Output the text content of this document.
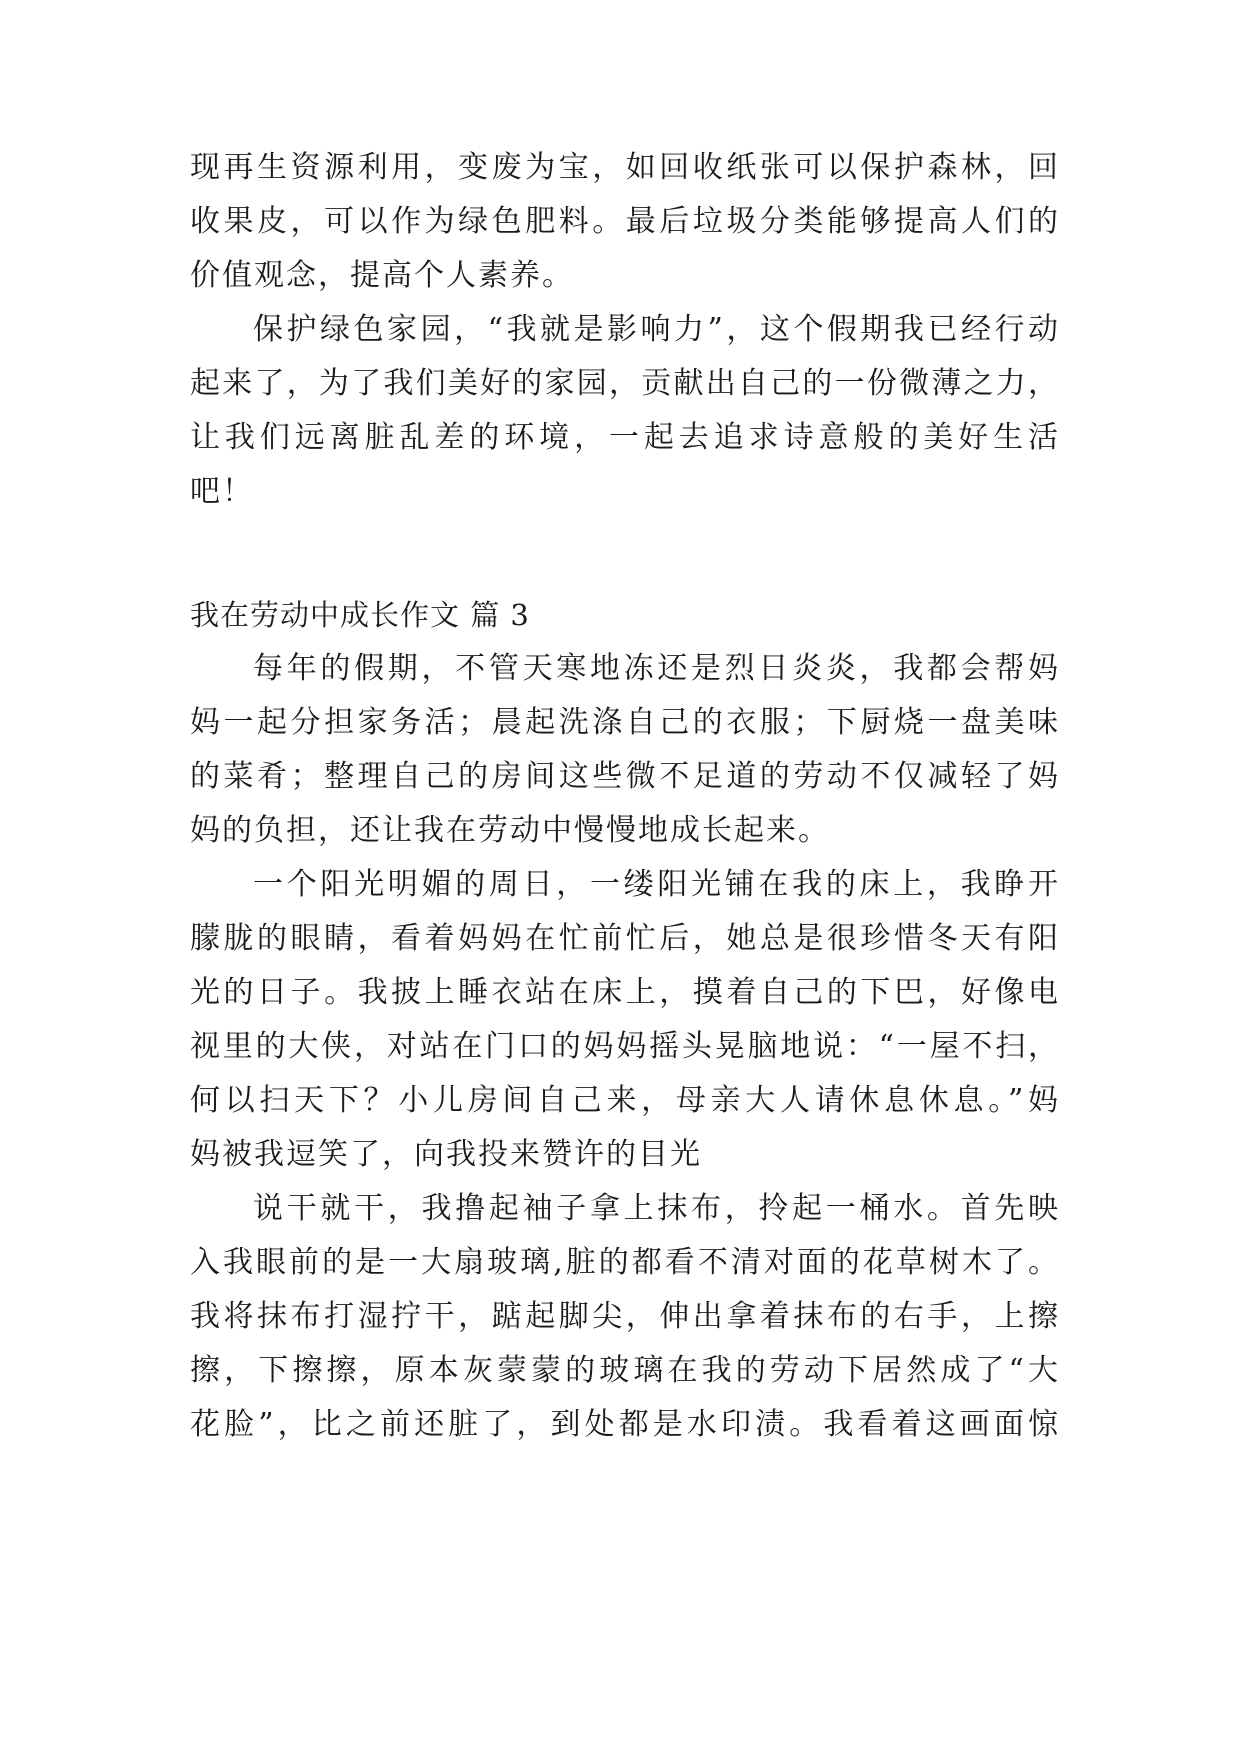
现再生资源利用，变废为宝，如回收纸张可以保护森林，回
收果皮，可以作为绿色肥料。最后垃圾分类能够提高人们的
价值观念，提高个人素养。
保护绿色家园，“我就是影响力”，这个假期我已经行动
起来了，为了我们美好的家园，贡献出自己的一份微薄之力，
让我们远离脏乱差的环境，一起去追求诗意般的美好生活
吧！
我在劳动中成长作文 篇 3
每年的假期，不管天寒地冻还是烈日炎炎，我都会帮妈
妈一起分担家务活；晨起洗涤自己的衣服；下厨烧一盘美味
的菜肴；整理自己的房间这些微不足道的劳动不仅减轻了妈
妈的负担，还让我在劳动中慢慢地成长起来。
一个阳光明媚的周日，一缕阳光铺在我的床上，我睁开
朦胧的眼睛，看着妈妈在忙前忙后，她总是很珍惜冬天有阳
光的日子。我披上睡衣站在床上，摸着自己的下巴，好像电
视里的大侠，对站在门口的妈妈摇头晃脑地说：“一屋不扫，
何以扫天下？小儿房间自己来，母亲大人请休息休息。”妈
妈被我逗笑了，向我投来赞许的目光
说干就干，我撸起袖子拿上抹布，拎起一桶水。首先映
入我眼前的是一大扇玻璃,脏的都看不清对面的花草树木了。
我将抹布打湿拧干，踮起脚尖，伸出拿着抹布的右手，上擦
擦，下擦擦，原本灰蒙蒙的玻璃在我的劳动下居然成了“大
花脸”，比之前还脏了，到处都是水印渍。我看着这画面惊
